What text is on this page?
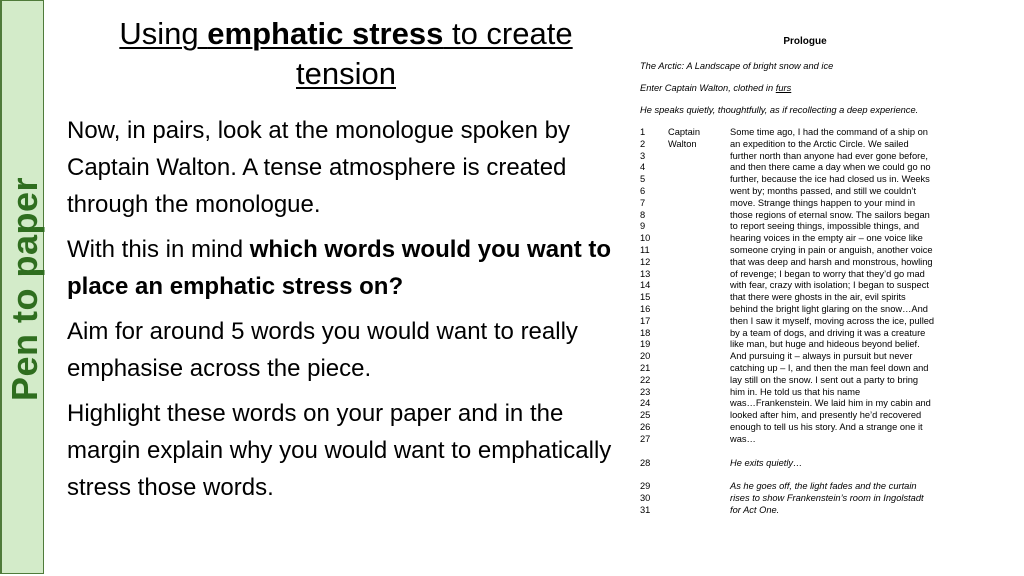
Pen to paper
Using emphatic stress to create tension

Now, in pairs, look at the monologue spoken by Captain Walton. A tense atmosphere is created through the monologue.

With this in mind which words would you want to place an emphatic stress on?

Aim for around 5 words you would want to really emphasise across the piece.

Highlight these words on your paper and in the margin explain why you would want to emphatically stress those words.

Prologue
The Arctic: A Landscape of bright snow and ice
Enter Captain Walton, clothed in furs
He speaks quietly, thoughtfully, as if recollecting a deep experience.
1	Captain	Some time ago, I had the command of a ship on
2	Walton	an expedition to the Arctic Circle. We sailed
3	further north than anyone had ever gone before,
4	and then there came a day when we could go no
5	further, because the ice had closed us in. Weeks
6	went by; months passed, and still we couldn’t
7	move. Strange things happen to your mind in
8	those regions of eternal snow. The sailors began
9	to report seeing things, impossible things, and
10	hearing voices in the empty air – one voice like
11	someone crying in pain or anguish, another voice
12	that was deep and harsh and monstrous, howling
13	of revenge; I began to worry that they’d go mad
14	with fear, crazy with isolation; I began to suspect
15	that there were ghosts in the air, evil spirits
16	behind the bright light glaring on the snow…And
17	then I saw it myself, moving across the ice, pulled
18	by a team of dogs, and driving it was a creature
19	like man, but huge and hideous beyond belief.
20	And pursuing it – always in pursuit but never
21	catching up – I, and then the man feel down and
22	lay still on the snow. I sent out a party to bring
23	him in. He told us that his name
24	was…Frankenstein. We laid him in my cabin and
25	looked after him, and presently he’d recovered
26	enough to tell us his story. And a strange one it
27	was…
28	He exits quietly…
29	As he goes off, the light fades and the curtain
30	rises to show Frankenstein’s room in Ingolstadt
31	for Act One.
